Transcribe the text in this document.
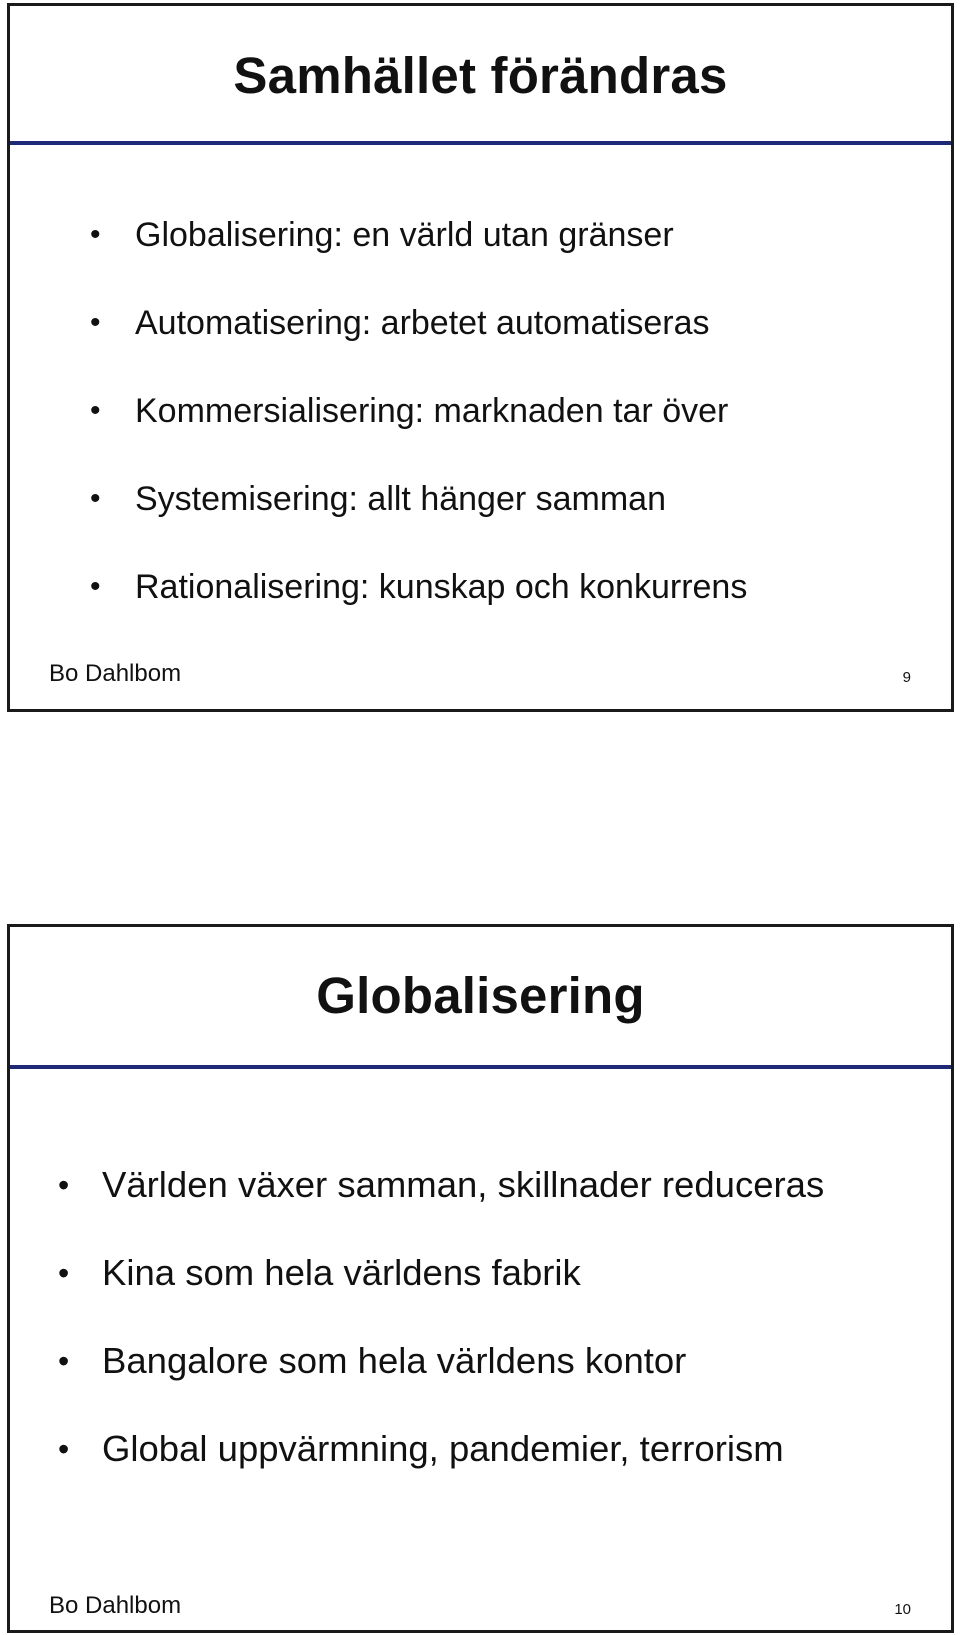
Samhället förändras
• Globalisering: en värld utan gränser
• Automatisering: arbetet automatiseras
• Kommersialisering: marknaden tar över
• Systemisering: allt hänger samman
• Rationalisering: kunskap och konkurrens
Bo Dahlbom	9
Globalisering
• Världen växer samman, skillnader reduceras
• Kina som hela världens fabrik
• Bangalore som hela världens kontor
• Global uppvärmning, pandemier, terrorism
Bo Dahlbom	10
